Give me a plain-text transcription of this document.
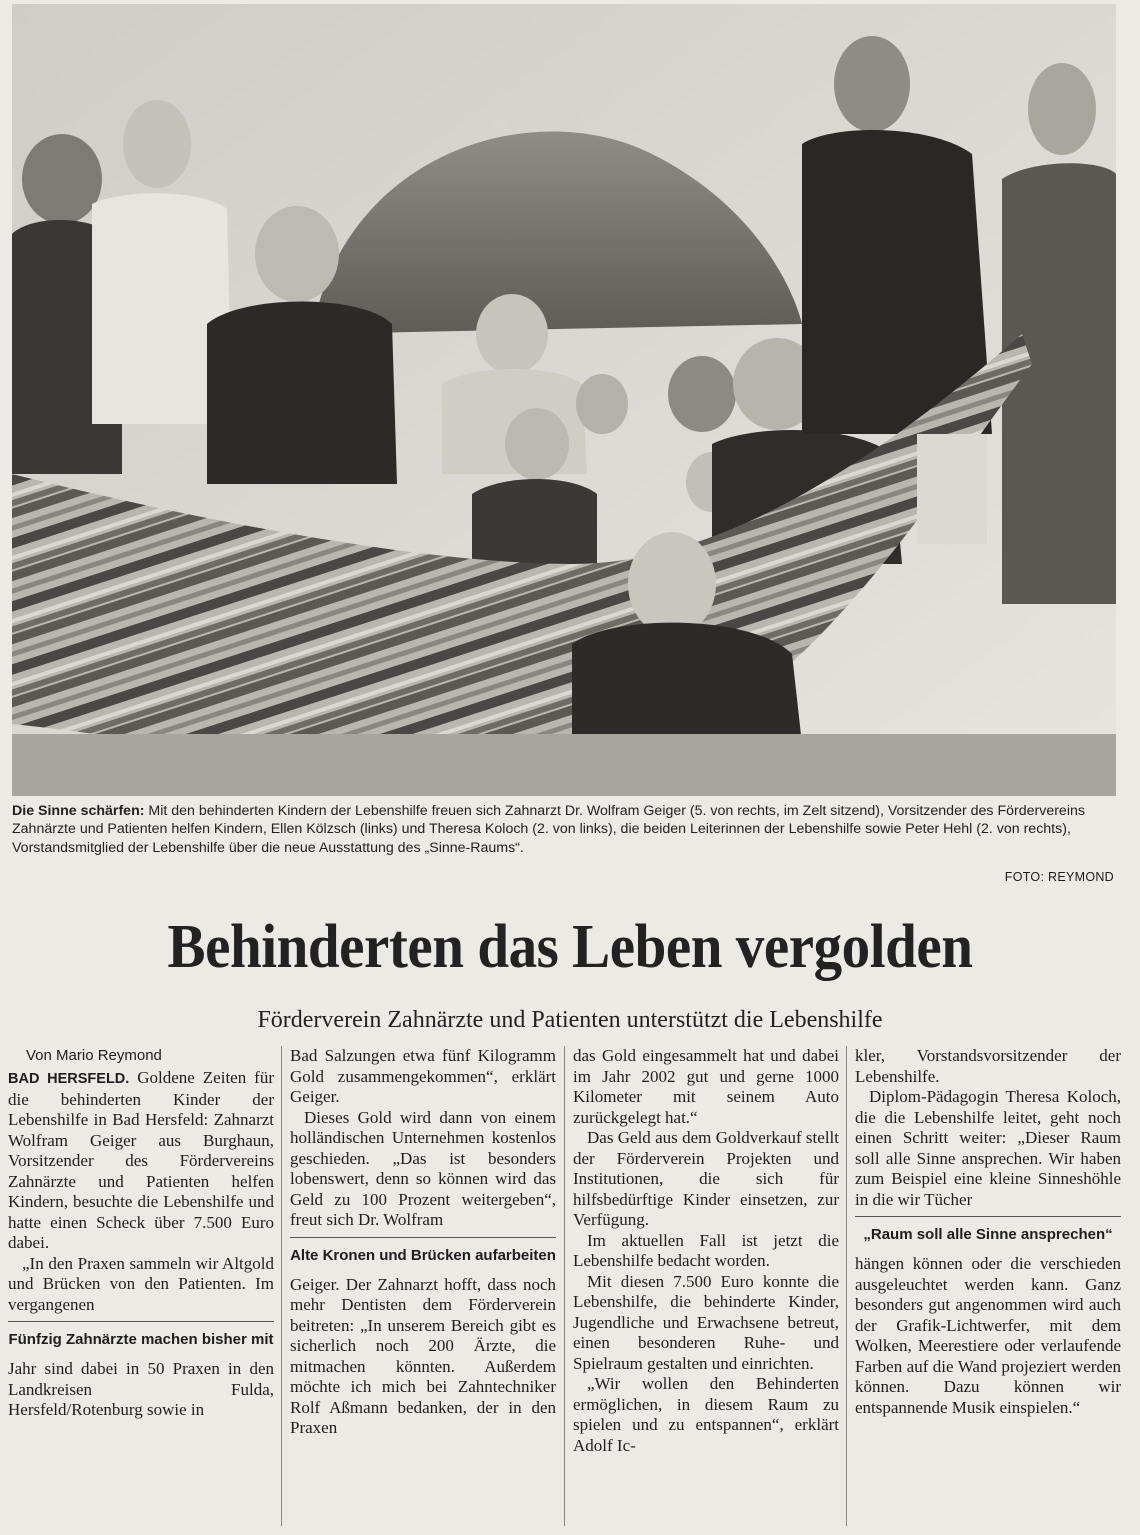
Die Sinne schärfen: Mit den behinderten Kindern der Lebenshilfe freuen sich Zahnarzt Dr. Wolfram Geiger (5. von rechts, im Zelt sitzend), Vorsitzender des Fördervereins Zahnärzte und Patienten helfen Kindern, Ellen Kölzsch (links) und Theresa Koloch (2. von links), die beiden Leiterinnen der Lebenshilfe sowie Peter Hehl (2. von rechts), Vorstandsmitglied der Lebenshilfe über die neue Ausstattung des „Sinne-Raums“.
FOTO: REYMOND
Behinderten das Leben vergolden
Förderverein Zahnärzte und Patienten unterstützt die Lebenshilfe
Von Mario Reymond

BAD HERSFELD. Goldene Zeiten für die behinderten Kinder der Lebenshilfe in Bad Hersfeld: Zahnarzt Wolfram Geiger aus Burghaun, Vorsitzender des Fördervereins Zahnärzte und Patienten helfen Kindern, besuchte die Lebenshilfe und hatte einen Scheck über 7.500 Euro dabei.

„In den Praxen sammeln wir Altgold und Brücken von den Patienten. Im vergangenen

Fünfzig Zahnärzte machen bisher mit

Jahr sind dabei in 50 Praxen in den Landkreisen Fulda, Hersfeld/Rotenburg sowie in

Bad Salzungen etwa fünf Kilogramm Gold zusammengekommen“, erklärt Geiger.

Dieses Gold wird dann von einem holländischen Unternehmen kostenlos geschieden. „Das ist besonders lobenswert, denn so können wird das Geld zu 100 Prozent weitergeben“, freut sich Dr. Wolfram

Alte Kronen und Brücken aufarbeiten

Geiger. Der Zahnarzt hofft, dass noch mehr Dentisten dem Förderverein beitreten: „In unserem Bereich gibt es sicherlich noch 200 Ärzte, die mitmachen könnten. Außerdem möchte ich mich bei Zahntechniker Rolf Aßmann bedanken, der in den Praxen

das Gold eingesammelt hat und dabei im Jahr 2002 gut und gerne 1000 Kilometer mit seinem Auto zurückgelegt hat.“

Das Geld aus dem Goldverkauf stellt der Förderverein Projekten und Institutionen, die sich für hilfsbedürftige Kinder einsetzen, zur Verfügung.

Im aktuellen Fall ist jetzt die Lebenshilfe bedacht worden.

Mit diesen 7.500 Euro konnte die Lebenshilfe, die behinderte Kinder, Jugendliche und Erwachsene betreut, einen besonderen Ruhe- und Spielraum gestalten und einrichten.

„Wir wollen den Behinderten ermöglichen, in diesem Raum zu spielen und zu entspannen“, erklärt Adolf Ic-

kler, Vorstandsvorsitzender der Lebenshilfe.

Diplom-Pädagogin Theresa Koloch, die die Lebenshilfe leitet, geht noch einen Schritt weiter: „Dieser Raum soll alle Sinne ansprechen. Wir haben zum Beispiel eine kleine Sinneshöhle in die wir Tücher

„Raum soll alle Sinne ansprechen“

hängen können oder die verschieden ausgeleuchtet werden kann. Ganz besonders gut angenommen wird auch der Grafik-Lichtwerfer, mit dem Wolken, Meerestiere oder verlaufende Farben auf die Wand projeziert werden können. Dazu können wir entspannende Musik einspielen.“
